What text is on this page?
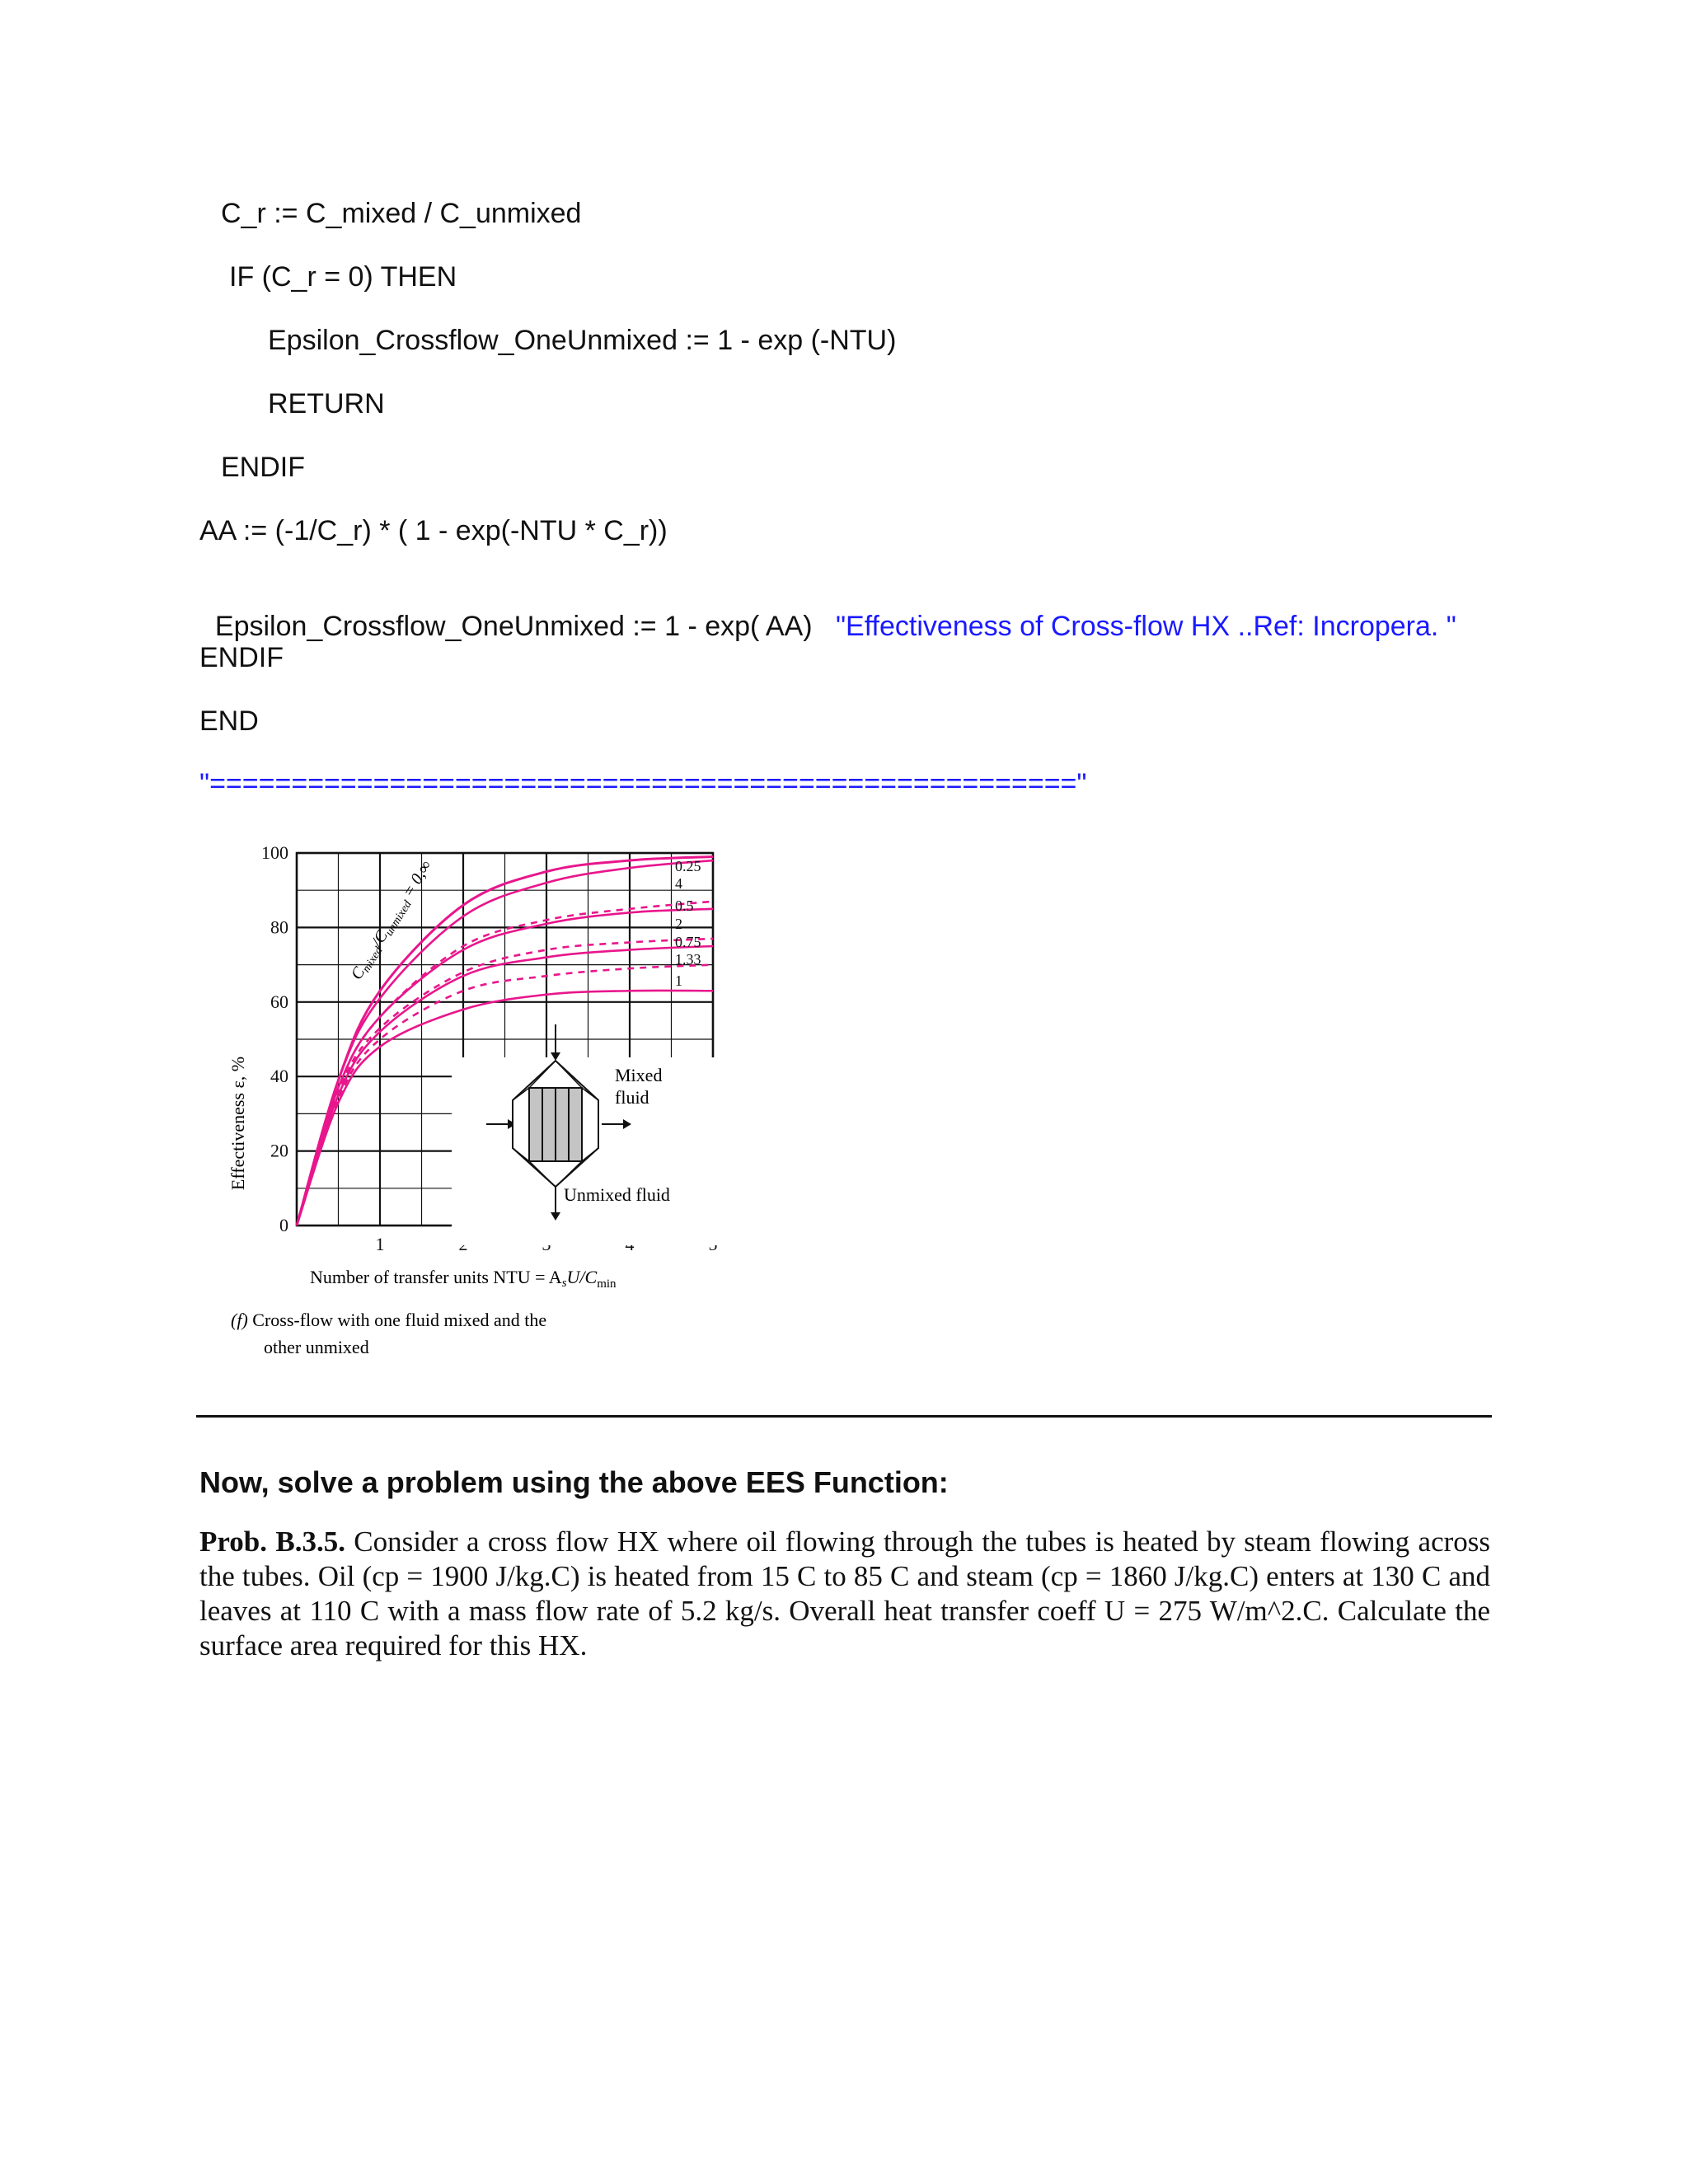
C_r := C_mixed / C_unmixed
IF (C_r = 0) THEN
Epsilon_Crossflow_OneUnmixed := 1 - exp (-NTU)
RETURN
ENDIF
AA := (-1/C_r) * ( 1 - exp(-NTU * C_r))

Epsilon_Crossflow_OneUnmixed := 1 - exp( AA) "Effectiveness of Cross-flow HX ..Ref: Incropera. "

ENDIF
END
"====================================================="
0
20
40
60
80
100
1
0.25
4
0.5
2
0.75
1.33
1
Effectiveness ε, %
$C_{mixed}/C_{unmixed} = 0,\infty$
Mixed
fluid
Unmixed fluid
Number of transfer units NTU = AsU/$C_{min}$
(f) Cross-flow with one fluid mixed and the
other unmixed
Now, solve a problem using the above EES Function:
Prob. B.3.5. Consider a cross flow HX where oil flowing through the tubes is heated by steam flowing across the tubes. Oil (cp = 1900 J/kg.C) is heated from 15 C to 85 C and steam (cp = 1860 J/kg.C) enters at 130 C and leaves at 110 C with a mass flow rate of 5.2 kg/s. Overall heat transfer coeff U = 275 W/m^2.C. Calculate the surface area required for this HX.
